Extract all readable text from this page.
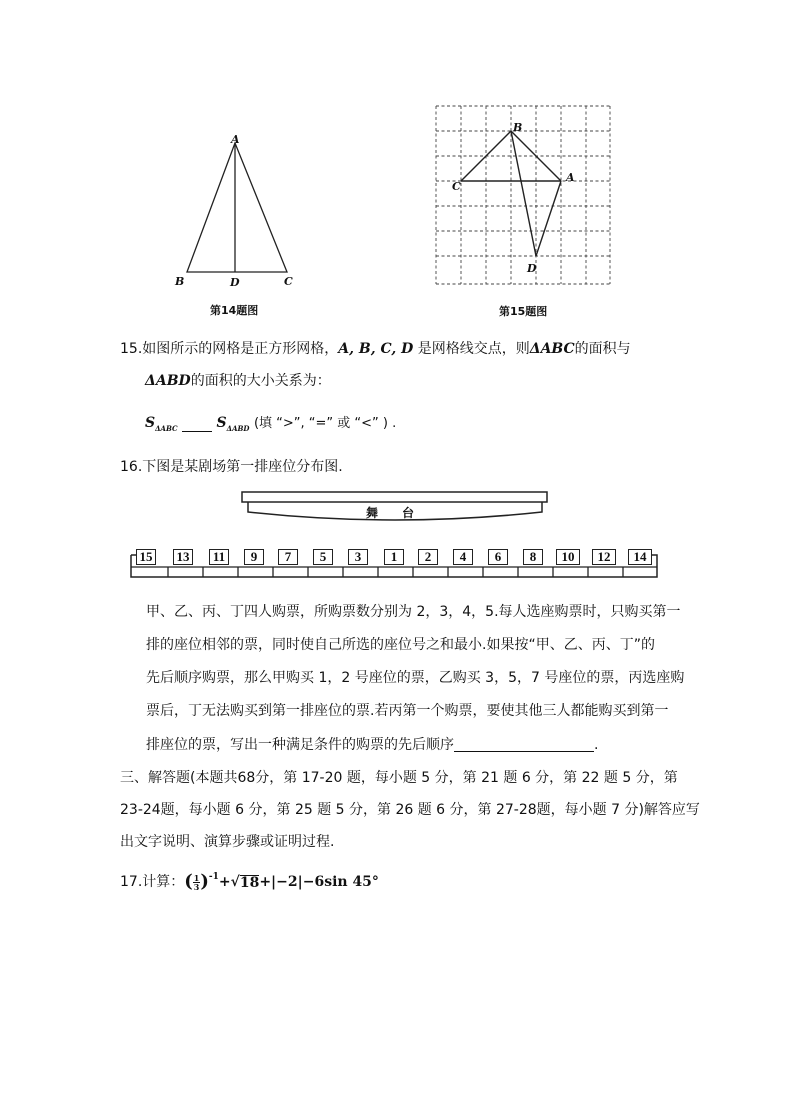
A
B	D	C
第14题图
B
C
A
D
第15题图
15.如图所示的网格是正方形网格，A, B, C, D 是网格线交点，则ΔABC的面积与
ΔABD的面积的大小关系为：
$S_{\Delta ABC}$	$S_{\Delta ABD}$ (填 “>”, “=” 或 “<” ) .
16.下图是某剧场第一排座位分布图.
舞　　台
15 13 11	9	7	5	3	1	2	4	6	8	10	12	14
甲、乙、丙、丁四人购票，所购票数分别为 2，3，4，5.每人选座购票时，只购买第一
排的座位相邻的票，同时使自己所选的座位号之和最小.如果按“甲、乙、丙、丁”的
先后顺序购票，那么甲购买 1，2 号座位的票，乙购买 3，5，7 号座位的票，丙选座购
票后，丁无法购买到第一排座位的票.若丙第一个购票，要使其他三人都能购买到第一
排座位的票，写出一种满足条件的购票的先后顺序	.
三、解答题(本题共68分，第 17-20 题，每小题 5 分，第 21 题 6 分，第 22 题 5 分，第
23-24题，每小题 6 分，第 25 题 5 分，第 26 题 6 分，第 27-28题，每小题 7 分)解答应写
出文字说明、演算步骤或证明过程.
17.计算： ( $\frac{1}{3} )^{-1}$ + √ 18 +|−2|−6sin 45°
